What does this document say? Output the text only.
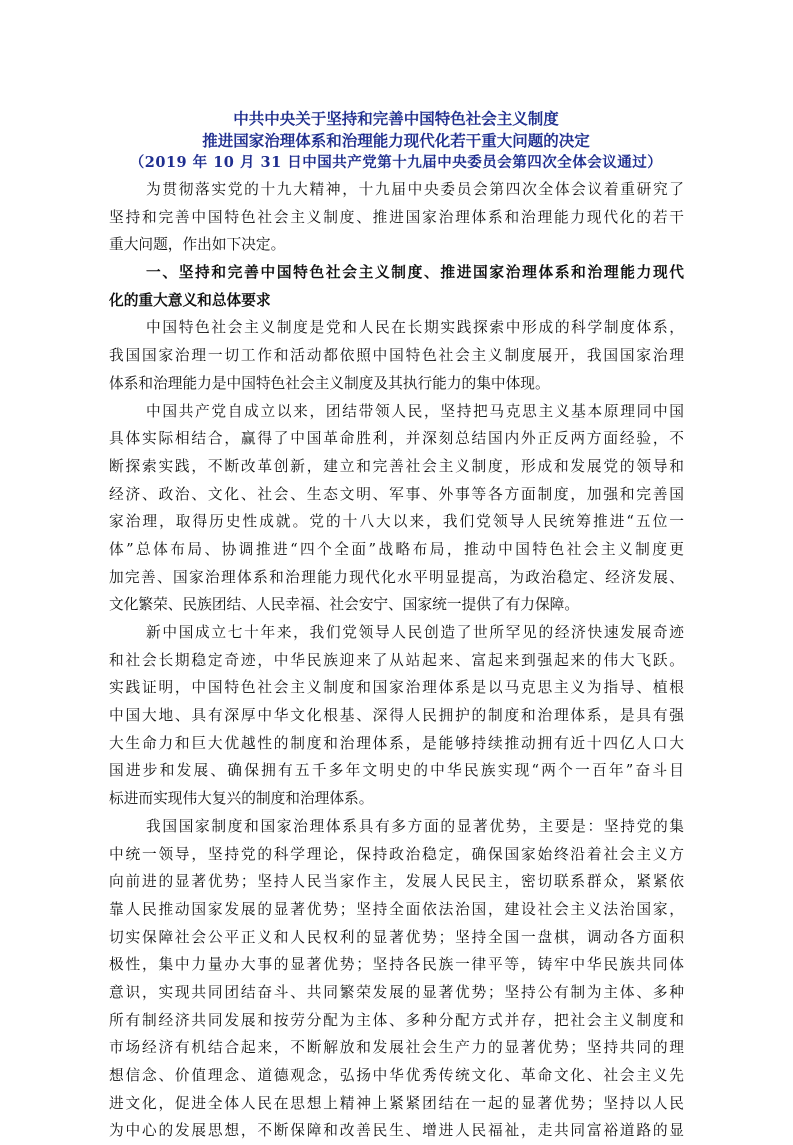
中共中央关于坚持和完善中国特色社会主义制度
推进国家治理体系和治理能力现代化若干重大问题的决定
（2019 年 10 月 31 日中国共产党第十九届中央委员会第四次全体会议通过）
为贯彻落实党的十九大精神，十九届中央委员会第四次全体会议着重研究了
坚持和完善中国特色社会主义制度、推进国家治理体系和治理能力现代化的若干
重大问题，作出如下决定。
一、坚持和完善中国特色社会主义制度、推进国家治理体系和治理能力现代
化的重大意义和总体要求
中国特色社会主义制度是党和人民在长期实践探索中形成的科学制度体系，
我国国家治理一切工作和活动都依照中国特色社会主义制度展开，我国国家治理
体系和治理能力是中国特色社会主义制度及其执行能力的集中体现。
中国共产党自成立以来，团结带领人民，坚持把马克思主义基本原理同中国
具体实际相结合，赢得了中国革命胜利，并深刻总结国内外正反两方面经验，不
断探索实践，不断改革创新，建立和完善社会主义制度，形成和发展党的领导和
经济、政治、文化、社会、生态文明、军事、外事等各方面制度，加强和完善国
家治理，取得历史性成就。党的十八大以来，我们党领导人民统筹推进“五位一
体”总体布局、协调推进“四个全面”战略布局，推动中国特色社会主义制度更
加完善、国家治理体系和治理能力现代化水平明显提高，为政治稳定、经济发展、
文化繁荣、民族团结、人民幸福、社会安宁、国家统一提供了有力保障。
新中国成立七十年来，我们党领导人民创造了世所罕见的经济快速发展奇迹
和社会长期稳定奇迹，中华民族迎来了从站起来、富起来到强起来的伟大飞跃。
实践证明，中国特色社会主义制度和国家治理体系是以马克思主义为指导、植根
中国大地、具有深厚中华文化根基、深得人民拥护的制度和治理体系，是具有强
大生命力和巨大优越性的制度和治理体系，是能够持续推动拥有近十四亿人口大
国进步和发展、确保拥有五千多年文明史的中华民族实现“两个一百年”奋斗目
标进而实现伟大复兴的制度和治理体系。
我国国家制度和国家治理体系具有多方面的显著优势，主要是：坚持党的集
中统一领导，坚持党的科学理论，保持政治稳定，确保国家始终沿着社会主义方
向前进的显著优势；坚持人民当家作主，发展人民民主，密切联系群众，紧紧依
靠人民推动国家发展的显著优势；坚持全面依法治国，建设社会主义法治国家，
切实保障社会公平正义和人民权利的显著优势；坚持全国一盘棋，调动各方面积
极性，集中力量办大事的显著优势；坚持各民族一律平等，铸牢中华民族共同体
意识，实现共同团结奋斗、共同繁荣发展的显著优势；坚持公有制为主体、多种
所有制经济共同发展和按劳分配为主体、多种分配方式并存，把社会主义制度和
市场经济有机结合起来，不断解放和发展社会生产力的显著优势；坚持共同的理
想信念、价值理念、道德观念，弘扬中华优秀传统文化、革命文化、社会主义先
进文化，促进全体人民在思想上精神上紧紧团结在一起的显著优势；坚持以人民
为中心的发展思想，不断保障和改善民生、增进人民福祉，走共同富裕道路的显
